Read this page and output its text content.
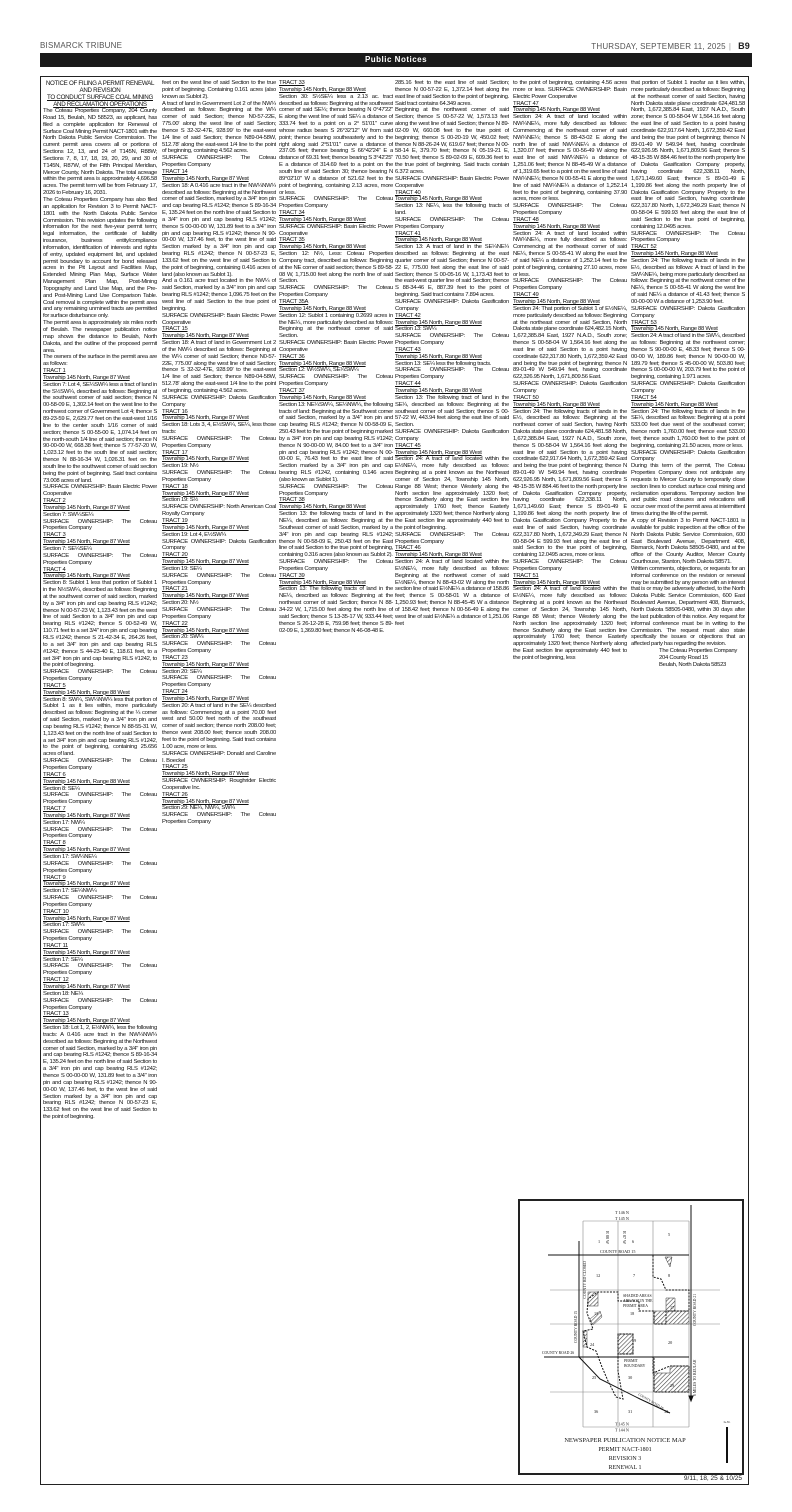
BISMARCK TRIBUNE	THURSDAY, SEPTEMBER 11, 2025 | B9
Public Notices

NOTICE OF FILING A PERMIT RENEWAL AND REVISION

TO CONDUCT SURFACE COAL MINING AND RECLAMATION OPERATIONS

The Coteau Properties Company, 204 County Road 15, Beulah, ND 58523, as applicant, has filed a complete application for Renewal of Surface Coal Mining Permit NACT-1801 with the North Dakota Public Service Commission. The current permit area covers all or portions of Sections 12, 13, and 24 of T145N, R88W; Sections 7, 8, 17, 18, 19, 20, 29, and 30 of T145N, R87W, of the Fifth Principal Meridian, Mercer County, North Dakota. The total acreage within the permit area is approximately 4,696.58 acres. The permit term will be from February 17, 2026 to February 16, 2031.

The Coteau Properties Company has also filed an application for Revision 3 to Permit NACT-1801 with the North Dakota Public Service Commission. This revision updates the following information for the next five-year permit term; legal information, the certificate of liability insurance, business entity/compliance information, identification of interests and rights of entry, updated equipment list, and updated permit boundary to account for bond released acres in the Pit Layout and Facilities Map, Extended Mining Plan Map, Surface Water Management Plan Map, Post-Mining Topography and Land Use Map, and the Pre- and Post-Mining Land Use Comparison Table. Coal removal is complete within the permit area and any remaining unmined tracts are permitted for surface disturbance only.

The permit area is approximately six miles north of Beulah. The newspaper publication notice map shows the distance to Beulah, North Dakota, and the outline of the proposed permit area.

The owners of the surface in the permit area are as follows:

TRACT 1

Township 145 North, Range 87 West

Section 7: Lot 4, SE¼SW¼ less a tract of land in the S½SW¼, described as follows: Beginning at the southwest corner of said section; thence N 00-58-09 E, 1,302.14 feet on the west line to the northwest corner of Government Lot 4; thence S 89-23-59 E, 2,629.77 feet on the east-west 1/16 line to the center south 1/16 corner of said section; thence S 00-55-00 E, 1,074.14 feet on the north-south 1/4 line of said section; thence N 90-00-00 W, 668.38 feet; thence S 77-57-20 W, 1,023.12 feet to the south line of said section; thence N 88-16-34 W, 1,026.31 feet on the south line to the southwest corner of said section being the point of beginning. Said tract contains 73.008 acres of land.

SURFACE OWNERSHIP: Basin Electric Power Cooperative

TRACT 2

Township 145 North, Range 87 West

Section 7: SW¼SE¼

SURFACE OWNERSHIP: The Coteau Properties Company

TRACT 3

Township 145 North, Range 87 West

Section 7: SE¼SE¼

SURFACE OWNERSHIP: The Coteau Properties Company

TRACT 4

Township 145 North, Range 87 West

Section 8: Sublot 1 less that portion of Sublot 1 in the N½SW¼, described as follows: Beginning at the southwest corner of said section, marked by a 3/4" iron pin and cap bearing RLS #1242; thence N 00-57-23 W, 1,123.43 feet on the west line of said Section to a 3/4" iron pin and cap bearing RLS #1242; thence S 00-52-49 W, 110.71 feet to a set 3/4" iron pin and cap bearing RLS #1242; thence S 21-42-34 E, 264.26 feet, to a set 3/4" iron pin and cap bearing RLS #1242; thence S 44-23-40 E, 118.61 feet, to a set 3/4" iron pin and cap bearing RLS #1242, to the point of beginning.

SURFACE OWNERSHIP: The Coteau Properties Company

TRACT 5

Township 145 North, Range 88 West

Section 8: SW¼, SW¼NW¼ less that portion of Sublot 1 as it lies within, more particularly described as follows: Beginning at the ¼ corner of said Section, marked by a 3/4" iron pin and cap bearing RLS #1242; thence N 88-55-31 W, 1,123.43 feet on the north line of said Section to a set 3/4" iron pin and cap bearing RLS #1242, to the point of beginning, containing 25.656 acres of land.

SURFACE OWNERSHIP: The Coteau Properties Company

TRACT 6

Township 145 North, Range 88 West

Section 8: SE¼

SURFACE OWNERSHIP: The Coteau Properties Company

TRACT 7

Township 145 North, Range 87 West

Section 17: NW¼

SURFACE OWNERSHIP: The Coteau Properties Company

TRACT 8

Township 145 North, Range 87 West

Section 17: SW¼NE¼

SURFACE OWNERSHIP: The Coteau Properties Company

TRACT 9

Township 145 North, Range 87 West

Section 17: SE¼NW¼

SURFACE OWNERSHIP: The Coteau Properties Company

TRACT 10

Township 145 North, Range 87 West

Section 17: SW¼

SURFACE OWNERSHIP: The Coteau Properties Company

TRACT 11

Township 145 North, Range 87 West

Section 17: SE¼

SURFACE OWNERSHIP: The Coteau Properties Company

TRACT 12

Township 145 North, Range 87 West

Section 18: NE¼

SURFACE OWNERSHIP: The Coteau Properties Company

TRACT 13

Township 145 North, Range 87 West

Section 18: Lot 1, 2, E½NW¼, less the following tracts: A 0.416 acre tract in the NW¼NW¼ described as follows: Beginning at the Northwest corner of said Section, marked by a 3/4" iron pin and cap bearing RLS #1242; thence S 89-16-34 E, 135.24 feet on the north line of said Section to a 3/4" iron pin and cap bearing RLS #1242; thence S 00-00-00 W, 131.89 feet to a 3/4" iron pin and cap bearing RLS #1242; thence N 90-00-00 W, 137.46 feet, to the west line of said Section marked by a 3/4" iron pin and cap bearing RLS #1242; thence N 00-57-23 E, 133.62 feet on the west line of said Section to the point of beginning.

feet on the west line of said Section to the true point of beginning. Containing 0.161 acres (also known as Sublot 2).

A tract of land in Government Lot 2 of the NW¼ described as follows: Beginning at the W¼ corner of said Section; thence N0-57-22E, 775.00' along the west line of said Section; thence S 32-32-47E, 928.99' to the east-west 1/4 line of said Section; thence N89-04-58W, 512.78' along the east-west 1/4 line to the point of beginning, containing 4.562 acres.

SURFACE OWNERSHIP: The Coteau Properties Company

TRACT 14

Township 145 North, Range 87 West

Section 18: A 0.416 acre tract in the NW¼NW¼ described as follows: Beginning at the Northwest corner of said Section, marked by a 3/4" iron pin and cap bearing RLS #1242; thence S 89-16-34 E, 135.24 feet on the north line of said Section to a 3/4" iron pin and cap bearing RLS #1242; thence S 00-00-00 W, 131.89 feet to a 3/4" iron pin and cap bearing RLS #1242; thence N 90-00-00 W, 137.46 feet, to the west line of said Section marked by a 3/4" iron pin and cap bearing RLS #1242; thence N 00-57-23 E, 133.62 feet on the west line of said Section to the point of beginning, containing 0.416 acres of land (also known as Sublot 1).

And a 0.161 acre tract located in the NW¼ of said Section, marked by a 3/4" iron pin and cap bearing RLS #1242; thence 1,096.75 feet on the west line of said Section to the true point of beginning.

SURFACE OWNERSHIP: Basin Electric Power Cooperative

TRACT 15

Township 145 North, Range 87 West

Section 18: A tract of land in Government Lot 2 of the NW¼ described as follows: Beginning at the W¼ corner of said Section; thence N0-57-22E, 775.00' along the west line of said Section; thence S 32-32-47E, 928.99' to the east-west 1/4 line of said Section; thence N89-04-58W, 512.78' along the east-west 1/4 line to the point of beginning, containing 4.562 acres.

SURFACE OWNERSHIP: Dakota Gasification Company

TRACT 16

Township 145 North, Range 87 West

Section 18: Lots 3, 4, E½SW¼, SE¼, less those tracts:

SURFACE OWNERSHIP: The Coteau Properties Company

TRACT 17

Township 145 North, Range 87 West

Section 19: N½

SURFACE OWNERSHIP: The Coteau Properties Company

TRACT 18

Township 145 North, Range 87 West

Section 19: S½

SURFACE OWNERSHIP: North American Coal Royalty Company

TRACT 19

Township 145 North, Range 87 West

Section 19: Lot 4, E½SW¼

SURFACE OWNERSHIP: Dakota Gasification Company

TRACT 20

Township 145 North, Range 87 West

Section 19: SE¼

SURFACE OWNERSHIP: The Coteau Properties Company

TRACT 21

Township 145 North, Range 87 West

Section 20: N½

SURFACE OWNERSHIP: The Coteau Properties Company

TRACT 22

Township 145 North, Range 87 West

Section 20: SW¼

SURFACE OWNERSHIP: The Coteau Properties Company

TRACT 23

Township 145 North, Range 87 West

Section 20: SE¼

SURFACE OWNERSHIP: The Coteau Properties Company

TRACT 24

Township 145 North, Range 87 West

Section 20: A tract of land in the SE¼ described as follows: Commencing at a point 70.00 feet west and 50.00 feet north of the southeast corner of said section; thence north 208.00 feet; thence west 208.00 feet; thence south 208.00 feet to the point of beginning. Said tract contains 1.00 acre, more or less.

SURFACE OWNERSHIP: Donald and Caroline I. Boeckel

TRACT 25

Township 145 North, Range 87 West

SURFACE OWNERSHIP: Roughrider Electric Cooperative Inc.

TRACT 26

Township 145 North, Range 87 West

Section 29: NE¼, NW¼, SW¼

SURFACE OWNERSHIP: The Coteau Properties Company

TRACT 33

Township 145 North, Range 88 West

Section 30: S½SE¼ less a 2.13 ac. tract described as follows: Beginning at the southwest corner of said SE¼; thence bearing N 0°47'22" E along the west line of said SE¼ a distance of 333.74 feet to a point on a 2° 51'01" curve whose radius bears S 26°32'12" W from said point; thence bearing southeasterly and to the right along said 2°51'01" curve a distance of 237.05 feet; thence bearing S 66°42'24" E a distance of 69.31 feet; thence bearing S 3°42'25" E a distance of 314.69 feet to a point on the south line of said Section 30; thence bearing N 89°02'10" W a distance of 521.62 feet to the point of beginning, containing 2.13 acres, more or less.

SURFACE OWNERSHIP: The Coteau Properties Company

TRACT 34

Township 145 North, Range 88 West

SURFACE OWNERSHIP: Basin Electric Power Cooperative

TRACT 35

Township 145 North, Range 88 West

Section 12: N½, Less: Coteau Properties Company tract, described as follows: Beginning at the NE corner of said section; thence S 89-58-08 W, 1,715.00 feet along the north line of said Section.

SURFACE OWNERSHIP: The Coteau Properties Company

TRACT 35A

Township 145 North, Range 88 West

Section 12: Sublot 1 containing 0.2699 acres in the NE¼, more particularly described as follows: Beginning at the northeast corner of said Section.

SURFACE OWNERSHIP: Basin Electric Power Cooperative

TRACT 36

Township 145 North, Range 88 West

Section 12: W½SW¼, SE¼SW¼

SURFACE OWNERSHIP: The Coteau Properties Company

TRACT 37

Township 145 North, Range 88 West

Section 13: NE¼SW¼, SE¼NW¼, the following tracts of land: Beginning at the Southwest corner of said Section, marked by a 3/4" iron pin and cap bearing RLS #1242; thence N 00-58-09 E, 250.43 feet to the true point of beginning marked by a 3/4" iron pin and cap bearing RLS #1242; thence N 90-00-00 W, 84.00 feet to a 3/4" iron pin and cap bearing RLS #1242; thence N 00-00-00 E, 76.43 feet to the east line of said Section marked by a 3/4" iron pin and cap bearing RLS #1242, containing 0.146 acres (also known as Sublot 1).

SURFACE OWNERSHIP: The Coteau Properties Company

TRACT 38

Township 145 North, Range 88 West

Section 13: the following tracts of land in the NE¼, described as follows: Beginning at the Southeast corner of said Section, marked by a 3/4" iron pin and cap bearing RLS #1242; thence N 00-58-09 E, 250.43 feet on the East line of said Section to the true point of beginning, containing 0.316 acres (also known as Sublot 2).

SURFACE OWNERSHIP: The Coteau Properties Company

TRACT 39

Township 145 North, Range 88 West

Section 13: The following tracts of land in the NE¼, described as follows: Beginning at the northeast corner of said Section; thence N 88-34-22 W, 1,715.00 feet along the north line of said Section; thence S 13-35-17 W, 933.44 feet; thence S 26-12-28 E, 759.98 feet; thence S 89-02-09 E, 1,369.80 feet; thence N 46-08-48 E.

285.16 feet to the east line of said Section; thence N 00-57-22 E, 1,372.14 feet along the east line of said Section to the point of beginning. Said tract contains 64.349 acres.

Beginning at the northwest corner of said Section; thence S 00-57-22 W, 1,573.13 feet along the west line of said Section; thence N 89-02-09 W, 660.08 feet to the true point of beginning; thence S 00-20-19 W, 450.02 feet; thence N 88-26-24 W, 619.67 feet; thence N 00-58-14 E, 379.70 feet; thence N 05-19-21 E, 70.50 feet; thence S 89-02-09 E, 609.36 feet to the true point of beginning. Said tracts contain 6.372 acres.

SURFACE OWNERSHIP: Basin Electric Power Cooperative

TRACT 40

Township 145 North, Range 88 West

Section 13: NE¼, less the following tracts of land.

SURFACE OWNERSHIP: The Coteau Properties Company

TRACT 41

Township 145 North, Range 88 West

Section 13: A tract of land in the SE¼NE¼ described as follows: Beginning at the east quarter corner of said Section; thence N 00-57-22 E, 775.00 feet along the east line of said Section; thence S 00-05-16 W, 1,173.43 feet to the east-west quarter line of said Section; thence S 88-34-46 E, 887.39 feet to the point of beginning. Said tract contains 7.894 acres.

SURFACE OWNERSHIP: Dakota Gasification Company

TRACT 42

Township 145 North, Range 88 West

Section 13: SW¼

SURFACE OWNERSHIP: The Coteau Properties Company

TRACT 43

Township 145 North, Range 88 West

Section 13: SE¼ less the following tracts.

SURFACE OWNERSHIP: The Coteau Properties Company

TRACT 44

Township 145 North, Range 88 West

Section 13: The following tract of land in the SE¼, described as follows: Beginning at the southeast corner of said Section; thence S 00-57-22 W, 443.94 feet along the east line of said Section.

SURFACE OWNERSHIP: Dakota Gasification Company

TRACT 45

Township 145 North, Range 88 West

Section 24: A tract of land located within the E½NE¼, more fully described as follows: Beginning at a point known as the Northeast corner of Section 24, Township 145 North, Range 88 West; thence Westerly along the North section line approximately 1320 feet; thence Southerly along the East section line approximately 1760 feet; thence Easterly approximately 1320 feet; thence Northerly along the East section line approximately 440 feet to the point of beginning.

SURFACE OWNERSHIP: The Coteau Properties Company

TRACT 46

Township 145 North, Range 88 West

Section 24: A tract of land located within the E½NE¼, more fully described as follows: Beginning at the northwest corner of said E½NE¼, thence N 88-43-02 W along the north section line of said E½NE¼ a distance of 158.86 feet; thence S 00-58-01 W a distance of 1,250.93 feet; thence N 88-45-45 W a distance of 158.42 feet; thence N 00-56-49 E along the west line of said E½NE¼ a distance of 1,251.06 feet

to the point of beginning, containing 4.56 acres more or less. SURFACE OWNERSHIP: Basin Electric Power Cooperative

TRACT 47

Township 145 North, Range 88 West

Section 24: A tract of land located within NW¼NE¼, more fully described as follows: Commencing at the northeast corner of said NW¼NE¼; thence S 88-43-02 E along the north line of said NW¼NE¼ a distance of 1,320.07 feet; thence S 00-56-49 W along the east line of said NW¼NE¼ a distance of 1,251.06 feet; thence N 88-45-49 W a distance of 1,319.65 feet to a point on the west line of said NW¼NE¼; thence N 00-55-41 E along the west line of said NW¼NE¼ a distance of 1,252.14 feet to the point of beginning, containing 37.90 acres, more or less.

SURFACE OWNERSHIP: The Coteau Properties Company

TRACT 48

Township 145 North, Range 88 West

Section 24: A tract of land located within NW¼NE¼, more fully described as follows: Commencing at the northeast corner of said NE¼, thence S 00-55-41 W along the east line of said NE¼ a distance of 1,252.14 feet to the point of beginning, containing 27.10 acres, more or less.

SURFACE OWNERSHIP: The Coteau Properties Company

TRACT 49

Township 145 North, Range 88 West

Section 24: That portion of Sublot 1 of E½NE¼, more particularly described as follows: Beginning at the northeast corner of said Section, North Dakota state plane coordinate 624,482.15 North, 1,672,385.84 East, 1927 N.A.D., South zone; thence S 00-58-04 W 1,564.16 feet along the east line of said Section to a point having coordinate 622,317.80 North, 1,672,359.42 East and being the true point of beginning; thence N 89-01-49 W 549.94 feet, having coordinate 622,326.95 North, 1,671,809.56 East.

SURFACE OWNERSHIP: Dakota Gasification Company

TRACT 50

Township 145 North, Range 88 West

Section 24: The following tracts of lands in the E½, described as follows: Beginning at the northeast corner of said Section, having North Dakota state plane coordinate 624,481.58 North, 1,672,385.84 East, 1927 N.A.D., South zone, thence S 00-58-04 W 1,564.16 feet along the east line of said Section to a point having coordinate 622,917.64 North, 1,672,359.42 East and being the true point of beginning; thence N 89-01-49 W 549.94 feet, having coordinate 622,926.95 North, 1,671,809.56 East; thence S 48-15-35 W 884.46 feet to the north property line of Dakota Gasification Company property, having coordinate 622,338.11 North, 1,671,149.60 East; thence S 89-01-49 E 1,199.86 feet along the north property line of Dakota Gasification Company Property to the east line of said Section, having coordinate 622,317.80 North, 1,672,349.29 East; thence N 00-58-04 E 599.93 feet along the east line of said Section to the true point of beginning, containing 12.0495 acres, more or less.

SURFACE OWNERSHIP: The Coteau Properties Company

TRACT 51

Township 145 North, Range 88 West

Section 24: A tract of land located within the E½NE¼, more fully described as follows: Beginning at a point known as the Northeast corner of Section 24, Township 145 North, Range 88 West; thence Westerly along the North section line approximately 1320 feet; thence Southerly along the East section line approximately 1760 feet; thence Easterly approximately 1320 feet; thence Northerly along the East section line approximately 440 feet to the point of beginning, less

that portion of Sublot 1 insofar as it lies within, more particularly described as follows: Beginning at the northeast corner of said Section, having North Dakota state plane coordinate 624,481.58 North, 1,672,385.84 East, 1927 N.A.D., South zone; thence S 00-58-04 W 1,564.16 feet along the east line of said Section to a point having coordinate 622,917.64 North, 1,672,359.42 East and being the true point of beginning; thence N 89-01-49 W 549.94 feet, having coordinate 622,926.95 North, 1,671,809.56 East; thence S 48-15-35 W 884.46 feet to the north property line of Dakota Gasification Company property, having coordinate 622,338.11 North, 1,671,149.60 East; thence S 89-01-49 E 1,199.86 feet along the north property line of Dakota Gasification Company Property to the east line of said Section, having coordinate 622,317.80 North, 1,672,349.29 East; thence N 00-58-04 E 599.93 feet along the east line of said Section to the true point of beginning, containing 12.0495 acres.

SURFACE OWNERSHIP: The Coteau Properties Company

TRACT 52

Township 145 North, Range 88 West

Section 24: The following tracts of lands in the E½, described as follows: A tract of land in the SW¼NE¼, being more particularly described as follows: Beginning at the northwest corner of the NE¼, thence S 00-55-41 W along the west line of said NE¼ a distance of 41.43 feet; thence S 00-00-00 W a distance of 1,253.90 feet.

SURFACE OWNERSHIP: Dakota Gasification Company

TRACT 53

Township 145 North, Range 88 West

Section 24: A tract of land in the SW¼, described as follows: Beginning at the northwest corner; thence S 90-00-00 E, 48.33 feet; thence S 00-00-00 W, 189.86 feet; thence N 90-00-00 W, 189.79 feet; thence S 45-00-00 W, 503.80 feet; thence S 00-00-00 W, 203.79 feet to the point of beginning, containing 1.971 acres.

SURFACE OWNERSHIP: Dakota Gasification Company

TRACT 54

Township 145 North, Range 88 West

Section 24: The following tracts of lands in the SE¼, described as follows: Beginning at a point 533.00 feet due west of the southeast corner; thence north 1,760.00 feet; thence east 533.00 feet; thence south 1,760.00 feet to the point of beginning, containing 21.50 acres, more or less.

SURFACE OWNERSHIP: Dakota Gasification Company

During this term of the permit, The Coteau Properties Company does not anticipate any requests to Mercer County to temporarily close section lines to conduct surface coal mining and reclamation operations. Temporary section line and public road closures and relocations will occur over most of the permit area at intermittent times during the life of the permit.

A copy of Revision 3 to Permit NACT-1801 is available for public inspection at the office of the North Dakota Public Service Commission, 600 East Boulevard Avenue, Department 408, Bismarck, North Dakota 58505-0480, and at the office of the County Auditor, Mercer County Courthouse, Stanton, North Dakota 58571.

Written comments, objections, or requests for an informal conference on the revision or renewal may be submitted by any person with an interest that is or may be adversely affected, to the North Dakota Public Service Commission, 600 East Boulevard Avenue, Department 408, Bismarck, North Dakota 58505-0480, within 30 days after the last publication of this notice. Any request for informal conference must be in writing to the Commission. The request must also state specifically the issues or objections that an affected party has regarding the revision.

The Coteau Properties Company

204 County Road 15

Beulah, North Dakota 58523

T 146 N
T 145 N
T 145 N
T 144 N
R 88 W	R 87 W
1	6
5
12	7	8
13	18
17
24
19	20
25	30
29
36	31	32
COUNTY ROAD 15
COUNTY RD CLOSED
COUNTY ROAD 15
COUNTY ROAD 26
COUNTY ROAD 26
COUNTY ROAD 21
6 MILES TO BEULAH
SHADED AREAS
ARE NOT IN THE
PERMIT AREA
PERMIT
BOUNDARY
G.N.
NEWSPAPER PUBLICATION NOTICE MAP
PERMIT NACT-1801
REVISION 3
RENEWAL 1
9/11, 18, 25 & 10/25
